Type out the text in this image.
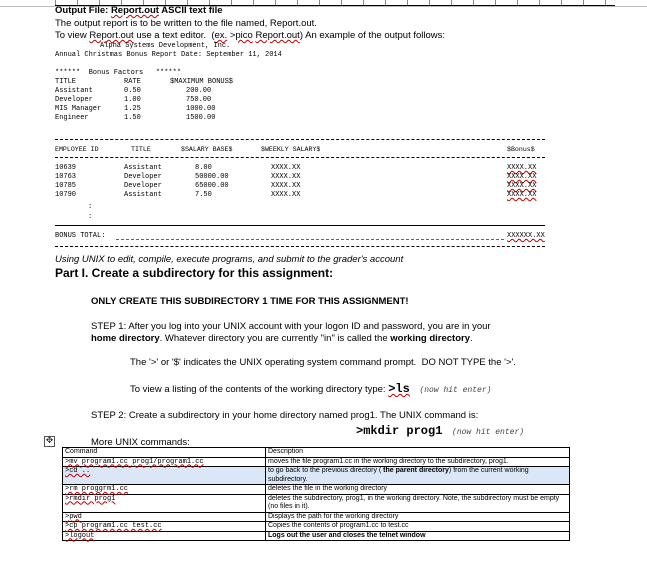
Output File: Report.out ASCII text file
The output report is to be written to the file named, Report.out.
To view Report.out use a text editor.  (ex. >pico Report.out) An example of the output follows:
Alpha Systems Development, Inc.
Annual Christmas Bonus Report Date: September 11, 2014
******  Bonus Factors   ******
TITLE	RATE	$MAXIMUM BONUS$
Assistant	0.50	200.00
Developer	1.00	750.00
MIS Manager	1.25	1000.00
Engineer	1.50	1500.00
EMPLOYEE ID	TITLE	$SALARY BASE$	$WEEKLY SALARY$	$Bonus$
10639	Assistant	8.00	XXXX.XX	XXXX.XX
10763	Developer	50000.00	XXXX.XX	XXXX.XX
10785	Developer	65000.00	XXXX.XX	XXXX.XX
10790	Assistant	7.50	XXXX.XX	XXXX.XX
:
:
BONUS TOTAL:	XXXXXX.XX
Using UNIX to edit, compile, execute programs, and submit to the grader's account
Part I. Create a subdirectory for this assignment:
ONLY CREATE THIS SUBDIRECTORY 1 TIME FOR THIS ASSIGNMENT!
STEP 1: After you log into your UNIX account with your logon ID and password, you are in your
home directory. Whatever directory you are currently "in" is called the working directory.
The '>' or '$' indicates the UNIX operating system command prompt.  DO NOT TYPE the '>'.
To view a listing of the contents of the working directory type: >ls (now hit enter)
STEP 2: Create a subdirectory in your home directory named prog1. The UNIX command is:
>mkdir prog1 (now hit enter)
✥	More UNIX commands:
Command	Description
>mv program1.cc prog1/program1.cc	moves the file program1.cc in the working directory to the subdirectory, prog1.
>cd ..	to go back to the previous directory ( the parent directory) from the current working subdirectory.
>rm proggrm1.cc	deletes the file in the working directory
>rmdir prog1	deletes the subdirectory, prog1, in the working directory. Note, the subdirectory must be empty (no files in it).
>pwd	Displays the path for the working directory
>cp program1.cc test.cc	Copies the contents of program1.cc to test.cc
>logout	Logs out the user and closes the telnet window
